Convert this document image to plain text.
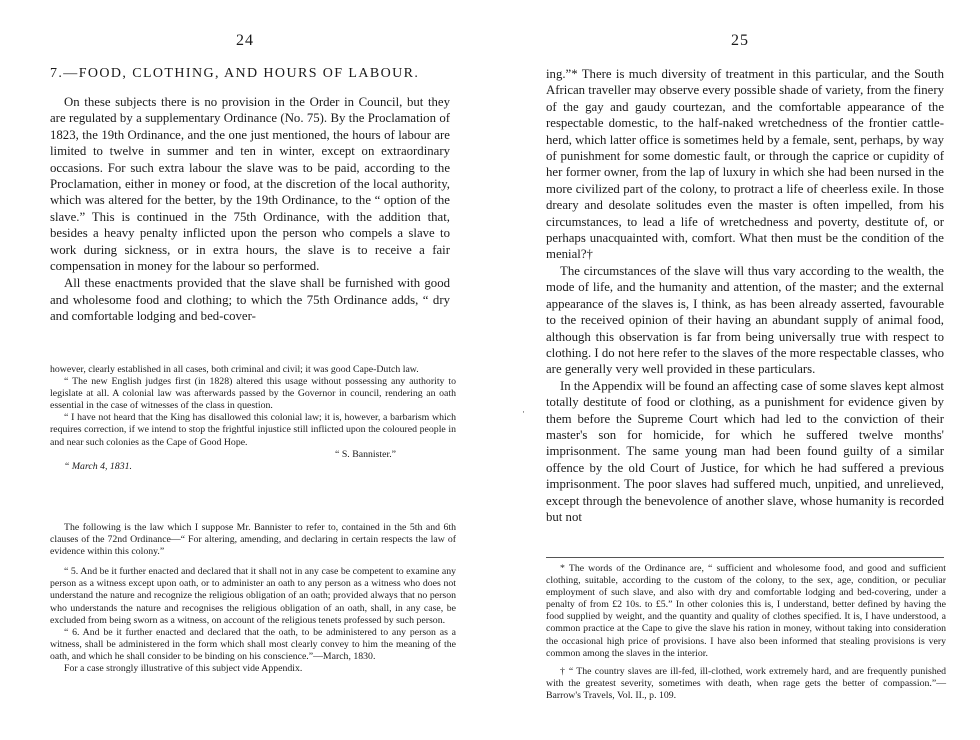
24
7.—FOOD, CLOTHING, AND HOURS OF LABOUR.

On these subjects there is no provision in the Order in Council, but they are regulated by a supplementary Ordinance (No. 75). By the Proclamation of 1823, the 19th Ordinance, and the one just mentioned, the hours of labour are limited to twelve in summer and ten in winter, except on extraordinary occasions. For such extra labour the slave was to be paid, according to the Proclamation, either in money or food, at the discretion of the local authority, which was altered for the better, by the 19th Ordinance, to the “ option of the slave.” This is continued in the 75th Ordinance, with the addition that, besides a heavy penalty inflicted upon the person who compels a slave to work during sickness, or in extra hours, the slave is to receive a fair compensation in money for the labour so performed.

All these enactments provided that the slave shall be furnished with good and wholesome food and clothing; to which the 75th Ordinance adds, “ dry and comfortable lodging and bed-cover-

however, clearly established in all cases, both criminal and civil; it was good Cape-Dutch law.

“ The new English judges first (in 1828) altered this usage without possessing any authority to legislate at all. A colonial law was afterwards passed by the Governor in council, rendering an oath essential in the case of witnesses of the class in question.

“ I have not heard that the King has disallowed this colonial law; it is, however, a barbarism which requires correction, if we intend to stop the frightful injustice still inflicted upon the coloured people in and near such colonies as the Cape of Good Hope.

“ S. Bannister.”

“ March 4, 1831.

The following is the law which I suppose Mr. Bannister to refer to, contained in the 5th and 6th clauses of the 72nd Ordinance—“ For altering, amending, and declaring in certain respects the law of evidence within this colony.”

“ 5. And be it further enacted and declared that it shall not in any case be competent to examine any person as a witness except upon oath, or to administer an oath to any person as a witness who does not understand the nature and recognize the religious obligation of an oath; provided always that no person who understands the nature and recognises the religious obligation of an oath, shall, in any case, be excluded from being sworn as a witness, on account of the religious tenets professed by such person.

“ 6. And be it further enacted and declared that the oath, to be administered to any person as a witness, shall be administered in the form which shall most clearly convey to him the meaning of the oath, and which he shall consider to be binding on his conscience.”—March, 1830.

For a case strongly illustrative of this subject vide Appendix.

25
·

ing.”* There is much diversity of treatment in this particular, and the South African traveller may observe every possible shade of variety, from the finery of the gay and gaudy courtezan, and the comfortable appearance of the respectable domestic, to the half-naked wretchedness of the frontier cattle-herd, which latter office is sometimes held by a female, sent, perhaps, by way of punishment for some domestic fault, or through the caprice or cupidity of her former owner, from the lap of luxury in which she had been nursed in the more civilized part of the colony, to protract a life of cheerless exile. In those dreary and desolate solitudes even the master is often impelled, from his circumstances, to lead a life of wretchedness and poverty, destitute of, or perhaps unacquainted with, comfort. What then must be the condition of the menial?†

The circumstances of the slave will thus vary according to the wealth, the mode of life, and the humanity and attention, of the master; and the external appearance of the slaves is, I think, as has been already asserted, favourable to the received opinion of their having an abundant supply of animal food, although this observation is far from being universally true with respect to clothing. I do not here refer to the slaves of the more respectable classes, who are generally very well provided in these particulars.

In the Appendix will be found an affecting case of some slaves kept almost totally destitute of food or clothing, as a punishment for evidence given by them before the Supreme Court which had led to the conviction of their master's son for homicide, for which he suffered twelve months' imprisonment. The same young man had been found guilty of a similar offence by the old Court of Justice, for which he had suffered a previous imprisonment. The poor slaves had suffered much, unpitied, and unrelieved, except through the benevolence of another slave, whose humanity is recorded but not

* The words of the Ordinance are, “ sufficient and wholesome food, and good and sufficient clothing, suitable, according to the custom of the colony, to the sex, age, condition, or peculiar employment of such slave, and also with dry and comfortable lodging and bed-covering, under a penalty of from £2 10s. to £5.” In other colonies this is, I understand, better defined by having the food supplied by weight, and the quantity and quality of clothes specified. It is, I have understood, a common practice at the Cape to give the slave his ration in money, without taking into consideration the occasional high price of provisions. I have also been informed that stealing provisions is very common among the slaves in the interior.

† “ The country slaves are ill-fed, ill-clothed, work extremely hard, and are frequently punished with the greatest severity, sometimes with death, when rage gets the better of compassion.”—Barrow's Travels, Vol. II., p. 109.
